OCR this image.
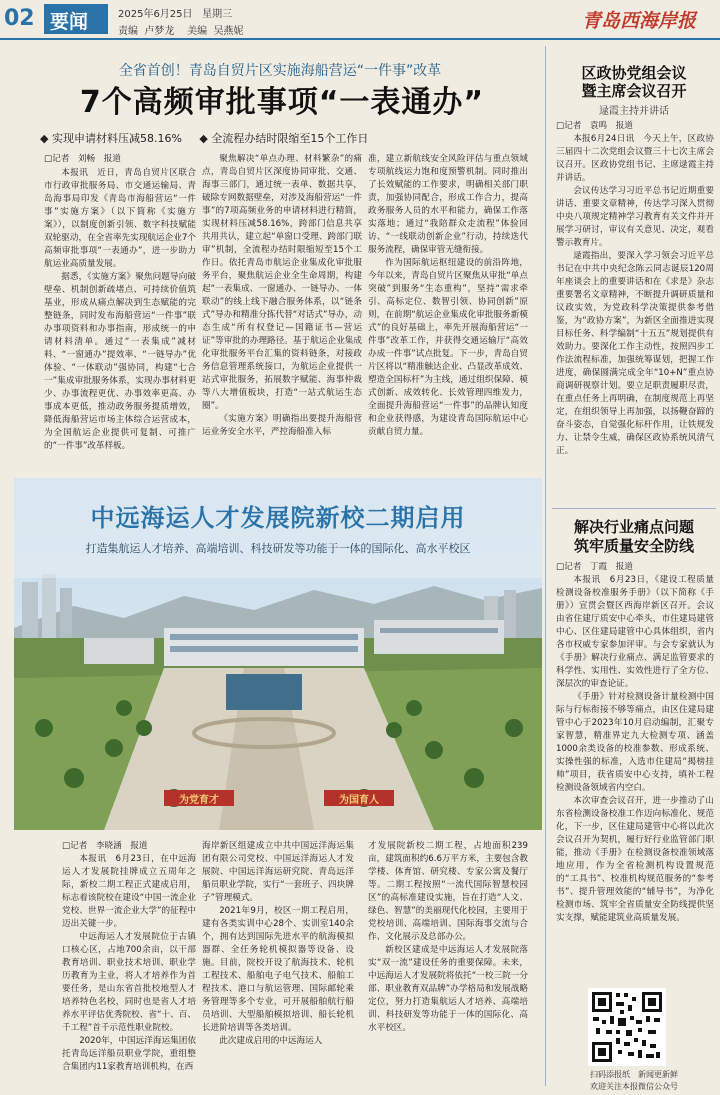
02 要闻	2025年6月25日 星期三
责编 卢梦龙 美编 吴燕妮	青岛西海岸报
全省首创！青岛自贸片区实施海船营运“一件事”改革
7个高频审批事项“一表通办”
◆ 实现申请材料压减58.16% ◆ 全流程办结时限缩至15个工作日
□记者　刘畅　报道

本报讯　近日，青岛自贸片区联合市行政审批服务局、市交通运输局、青岛海事局印发《青岛市海船营运“一件事”实施方案》（以下简称《实施方案》），以制度创新引领、数字科技赋能双轮驱动，在全省率先实现航运企业7个高频审批事项“一表通办”，进一步助力航运业高质量发展。

据悉，《实施方案》聚焦问题导向破壁垒、机制创新疏堵点、可持续价值筑基业，形成从痛点解决到生态赋能的完整链条，同时发布海船营运“一件事”联办事项资料和办事指南，形成统一的申请材料清单。通过“一表集成”减材料、“一窗通办”提效率、“一链导办”优体验、“一体联动”强协同，构建“七合一”集成审批服务体系，实现办事材料更少、办事流程更优、办事效率更高、办事成本更低，推动政务服务提质增效，降低海船营运市场主体综合运营成本，为全国航运企业提供可复制、可推广的“一件事”改革样板。

聚焦解决“单点办理、材料繁杂”的痛点，青岛自贸片区深度协同审批、交通、海事三部门，通过统一表单、数据共享，破除专网数据壁垒，对涉及海船营运“一件事”的7项高频业务的申请材料进行精简，实现材料压减58.16%，跨部门信息共享共用共认，建立起“单窗口受理、跨部门联审”机制，全流程办结时限缩短至15个工作日。依托青岛市航运企业集成化审批服务平台，聚焦航运企业全生命周期，构建起“一表集成、一窗通办、一链导办、一体联动”的线上线下融合服务体系，以“链条式”导办和精准分拣代替“对话式”导办，动态生成“所有权登记—国籍证书—营运证”等审批的办理路径。基于航运企业集成化审批服务平台汇集的资料链条，对接政务信息管理系统接口，为航运企业提供一站式审批服务，拓展数字赋能、海事仲裁等八大增值板块，打造“一站式航运生态圈”。

《实施方案》明确指出要提升海船营运业务安全水平，严控海船准入标

准，建立新航线安全风险评估与重点领域专项航线运力饱和度预警机制。同时推出了长效赋能的工作要求，明确相关部门职责，加强协同配合，形成工作合力，提高政务服务人员的水平和能力，确保工作落实落地；通过“我陪群众走流程”体验回访、“一线联动创新企业”行动，持续迭代服务流程，确保审管无缝衔接。

作为国际航运枢纽建设的前沿阵地，今年以来，青岛自贸片区聚焦从审批“单点突破”到服务“生态重构”，坚持“需求牵引、高标定位、数智引领、协同创新”原则，在前期“航运企业集成化审批服务新模式”的良好基础上，率先开展海船营运“一件事”改革工作，并获得交通运输厅“高效办成一件事”试点批复。下一步，青岛自贸片区将以“精准触达企业、凸显改革成效、塑造全国标杆”为主线，通过组织保障、模式创新、成效转化、长效管理四维发力，全面提升海船营运“一件事”的品牌认知度和企业获得感，为建设青岛国际航运中心贡献自贸力量。

区政协党组会议
暨主席会议召开
逯霞主持并讲话
□记者　袁鸣　报道

本报6月24日讯　今天上午，区政协三届四十二次党组会议暨三十七次主席会议召开。区政协党组书记、主席逯霞主持并讲话。

会议传达学习习近平总书记近期重要讲话、重要文章精神，传达学习深入贯彻中央八项规定精神学习教育有关文件并开展学习研讨，审议有关意见、决定，观看警示教育片。

逯霞指出，要深入学习领会习近平总书记在中共中央纪念陈云同志诞辰120周年座谈会上的重要讲话和在《求是》杂志重要署名文章精神，不断提升调研质量和议政实效，为党政科学决策提供参考借鉴，为“政协方案”，为新区全面推进实现目标任务、科学编制“十五五”规划提供有效助力。要深化工作主动性，按照四步工作法流程标准，加强统筹谋划，把握工作进度，确保圆满完成全年“10+N”重点协商调研视察计划。要立足职责履职尽责，在重点任务上再明确，在制度规范上再坚定，在组织领导上再加强，以扬鞭奋蹄的奋斗姿态，自觉强化标杆作用，让铁规发力、让禁令生威，确保区政协系统风清气正。

解决行业痛点问题
筑牢质量安全防线
□记者　丁霞　报道

本报讯　6月23日，《建设工程质量检测设备校准服务手册》（以下简称《手册》）宣贯会暨区西海岸新区召开。会议由省住建厅质安中心牵头，市住建局建管中心、区住建局建管中心具体组织，省内各市权威专家参加评审。与会专家就认为《手册》解决行业痛点、满足监管要求的科学性、实用性、实效性进行了全方位、深层次的审查论证。

《手册》针对检测设备计量检测中国际与行标衔接不够等痛点，由区住建局建管中心于2023年10月启动编制，汇聚专家智慧，精准界定九大检测专项、涵盖1000余类设备的校准参数、形成系统、实操性强的标准，入选市住建局“揭榜挂帅”项目，获省质安中心支持，填补工程检测设备领域省内空白。

本次审查会议召开，进一步推动了山东省检测设备校准工作迈向标准化、规范化，下一步，区住建局建管中心将以此次会议召开为契机，履行好行业监管部门职能，推动《手册》在检测设备校准领域落地应用，作为全省检测机构设置规范的“工具书”、校准机构规范服务的“参考书”、提升管理效能的“辅导书”，为净化检测市场、筑牢全省质量安全防线提供坚实支撑，赋能建筑业高质量发展。

扫码添报纸　新闻更新鲜
欢迎关注本报微信公众号
为党育才	为国育人
中远海运人才发展院新校二期启用
打造集航运人才培养、高端培训、科技研发等功能于一体的国际化、高水平校区
□记者　李晓涵　报道

本报讯　6月23日，在中远海运人才发展院挂牌成立五周年之际，新校二期工程正式建成启用，标志着该院校在建设“中国一流企业党校、世界一流企业大学”的征程中迈出关键一步。

中远海运人才发展院位于古镇口核心区，占地700余亩，以干部教育培训、职业技术培训、职业学历教育为主业，将人才培养作为首要任务，是山东省首批校地型人才培养特色名校，同时也是省人才培养水平评估优秀院校、省“十、百、千工程”首千示范性职业院校。

2020年，中国远洋海运集团依托青岛远洋船员职业学院，重组整合集团内11家教育培训机构，在西

海岸新区组建成立中共中国远洋海运集团有限公司党校、中国远洋海运人才发展院、中国远洋海运研究院、青岛远洋船员职业学院，实行“一套班子、四块牌子”管理模式。

2021年9月，校区一期工程启用，建有各类实训中心28个、实训室140余个，拥有达到国际先进水平的航海模拟器群、全任务轮机模拟器等设备、设施。目前，院校开设了航海技术、轮机工程技术、船舶电子电气技术、船舶工程技术、港口与航运管理、国际邮轮乘务管理等多个专业，可开展船舶航行船员培训、大型船舶模拟培训、船长轮机长进阶培训等各类培训。

此次建成启用的中远海运人

才发展院新校二期工程，占地面积239亩，建筑面积约6.6万平方米，主要包含教学楼、体育馆、研究楼、专家公寓及餐厅等。二期工程按照“一流代国际智慧校园区”的高标准建设实施，旨在打造“人文、绿色、智慧”的美丽现代化校园，主要用于党校培训、高端培训、国际海事交流与合作、文化展示及总部办公。

新校区建成是中远海运人才发展院落实“双一流”建设任务的重要保障。未来，中远海运人才发展院将依托“一校三院一分部、职业教育双品牌”办学格局和发展战略定位，努力打造集航运人才培养、高端培训、科技研发等功能于一体的国际化、高水平校区。
